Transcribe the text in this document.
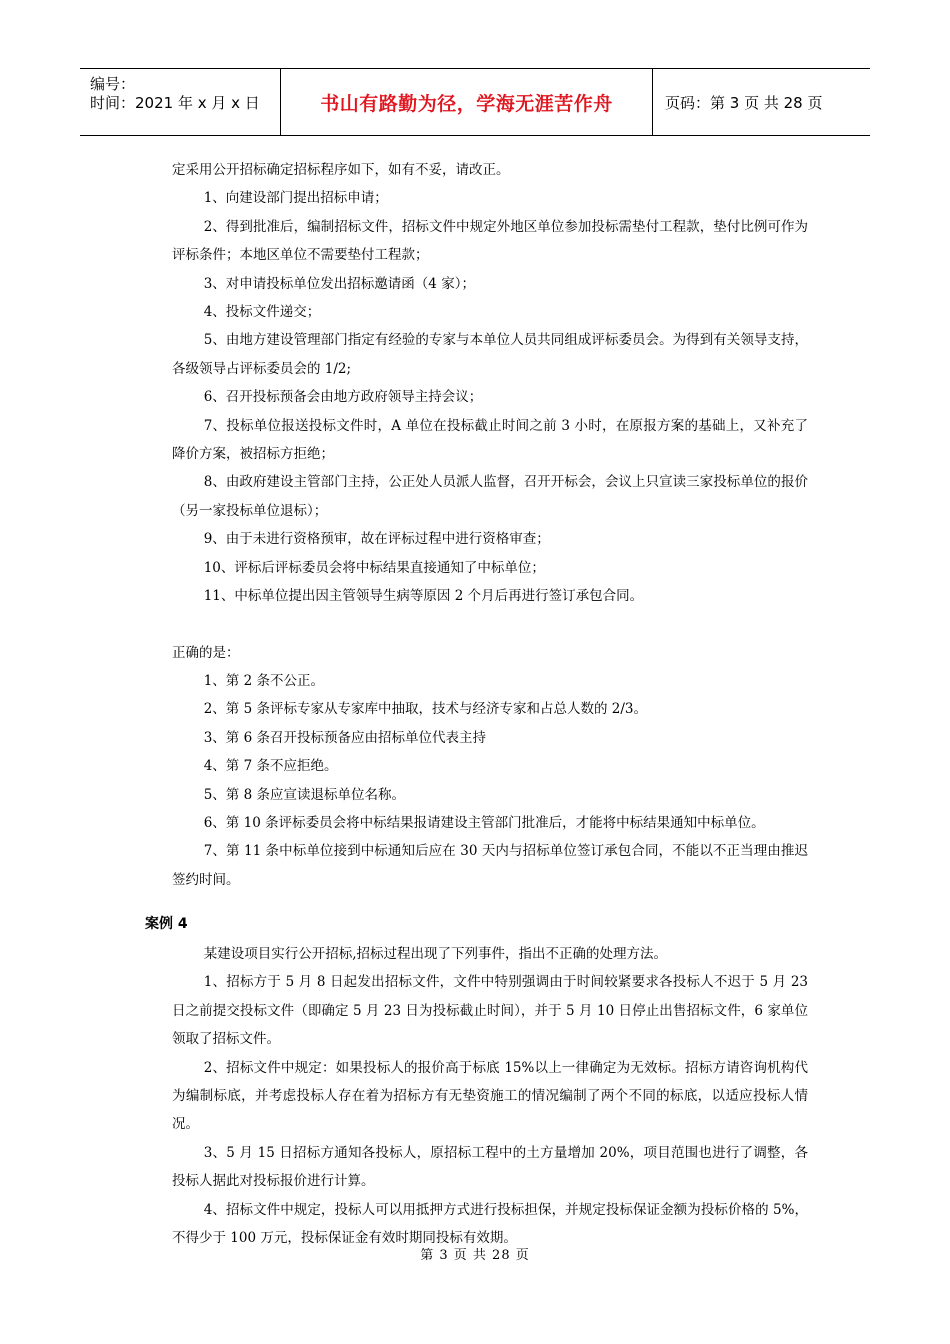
编号：
时间：2021 年 x 月 x 日	书山有路勤为径，学海无涯苦作舟	页码：第 3 页 共 28 页

定采用公开招标确定招标程序如下，如有不妥，请改正。

1、向建设部门提出招标申请；

2、得到批准后，编制招标文件，招标文件中规定外地区单位参加投标需垫付工程款，垫付比例可作为评标条件；本地区单位不需要垫付工程款；

3、对申请投标单位发出招标邀请函（4 家）；

4、投标文件递交；

5、由地方建设管理部门指定有经验的专家与本单位人员共同组成评标委员会。为得到有关领导支持，各级领导占评标委员会的 1/2;

6、召开投标预备会由地方政府领导主持会议；

7、投标单位报送投标文件时，A 单位在投标截止时间之前 3 小时，在原报方案的基础上，又补充了降价方案，被招标方拒绝；

8、由政府建设主管部门主持，公正处人员派人监督，召开开标会，会议上只宣读三家投标单位的报价（另一家投标单位退标）；

9、由于未进行资格预审，故在评标过程中进行资格审查；

10、评标后评标委员会将中标结果直接通知了中标单位；

11、中标单位提出因主管领导生病等原因 2 个月后再进行签订承包合同。

正确的是：

1、第 2 条不公正。

2、第 5 条评标专家从专家库中抽取，技术与经济专家和占总人数的 2/3。

3、第 6 条召开投标预备应由招标单位代表主持

4、第 7 条不应拒绝。

5、第 8 条应宣读退标单位名称。

6、第 10 条评标委员会将中标结果报请建设主管部门批准后，才能将中标结果通知中标单位。

7、第 11 条中标单位接到中标通知后应在 30 天内与招标单位签订承包合同，不能以不正当理由推迟签约时间。

案例 4

某建设项目实行公开招标,招标过程出现了下列事件，指出不正确的处理方法。

1、招标方于 5 月 8 日起发出招标文件，文件中特别强调由于时间较紧要求各投标人不迟于 5 月 23 日之前提交投标文件（即确定 5 月 23 日为投标截止时间），并于 5 月 10 日停止出售招标文件，6 家单位领取了招标文件。

2、招标文件中规定：如果投标人的报价高于标底 15%以上一律确定为无效标。招标方请咨询机构代为编制标底，并考虑投标人存在着为招标方有无垫资施工的情况编制了两个不同的标底，以适应投标人情况。

3、5 月 15 日招标方通知各投标人，原招标工程中的土方量增加 20%，项目范围也进行了调整，各投标人据此对投标报价进行计算。

4、招标文件中规定，投标人可以用抵押方式进行投标担保，并规定投标保证金额为投标价格的 5%，不得少于 100 万元，投标保证金有效时期同投标有效期。

第 3 页 共 28 页
